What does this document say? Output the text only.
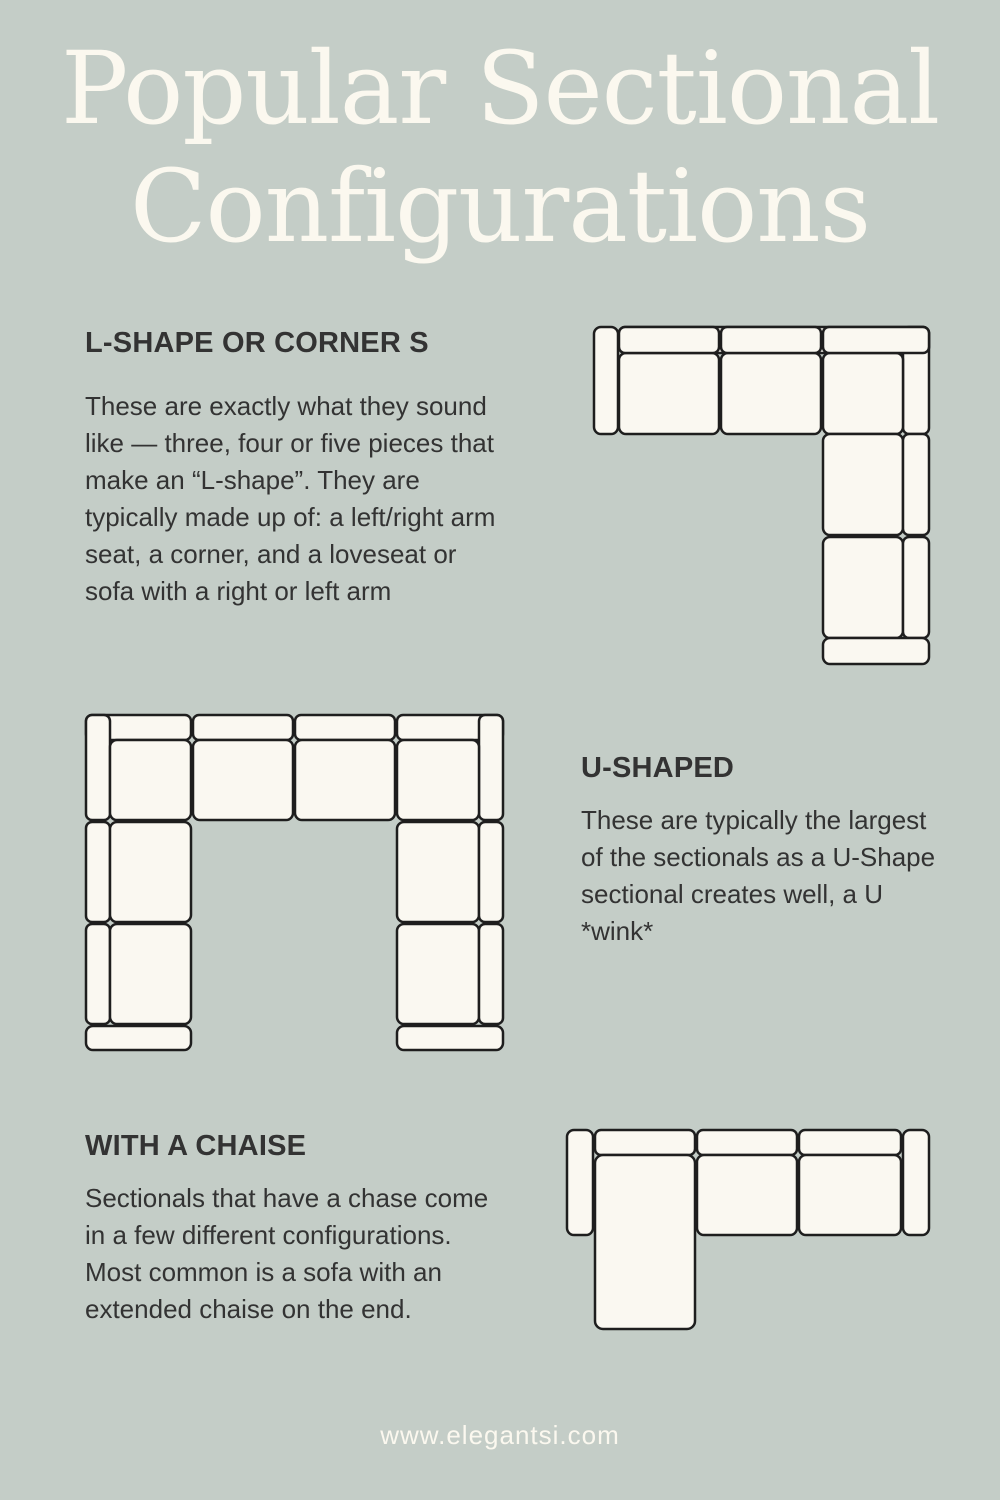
Popular Sectional
Configurations
L-SHAPE OR CORNER S
These are exactly what they sound like — three, four or five pieces that make an “L-shape”. They are typically made up of: a left/right arm seat, a corner, and a loveseat or sofa with a right or left arm
U-SHAPED
These are typically the largest of the sectionals as a U-Shape sectional creates well, a U *wink*
WITH A CHAISE
Sectionals that have a chase come in a few different configurations. Most common is a sofa with an extended chaise on the end.
www.elegantsi.com
